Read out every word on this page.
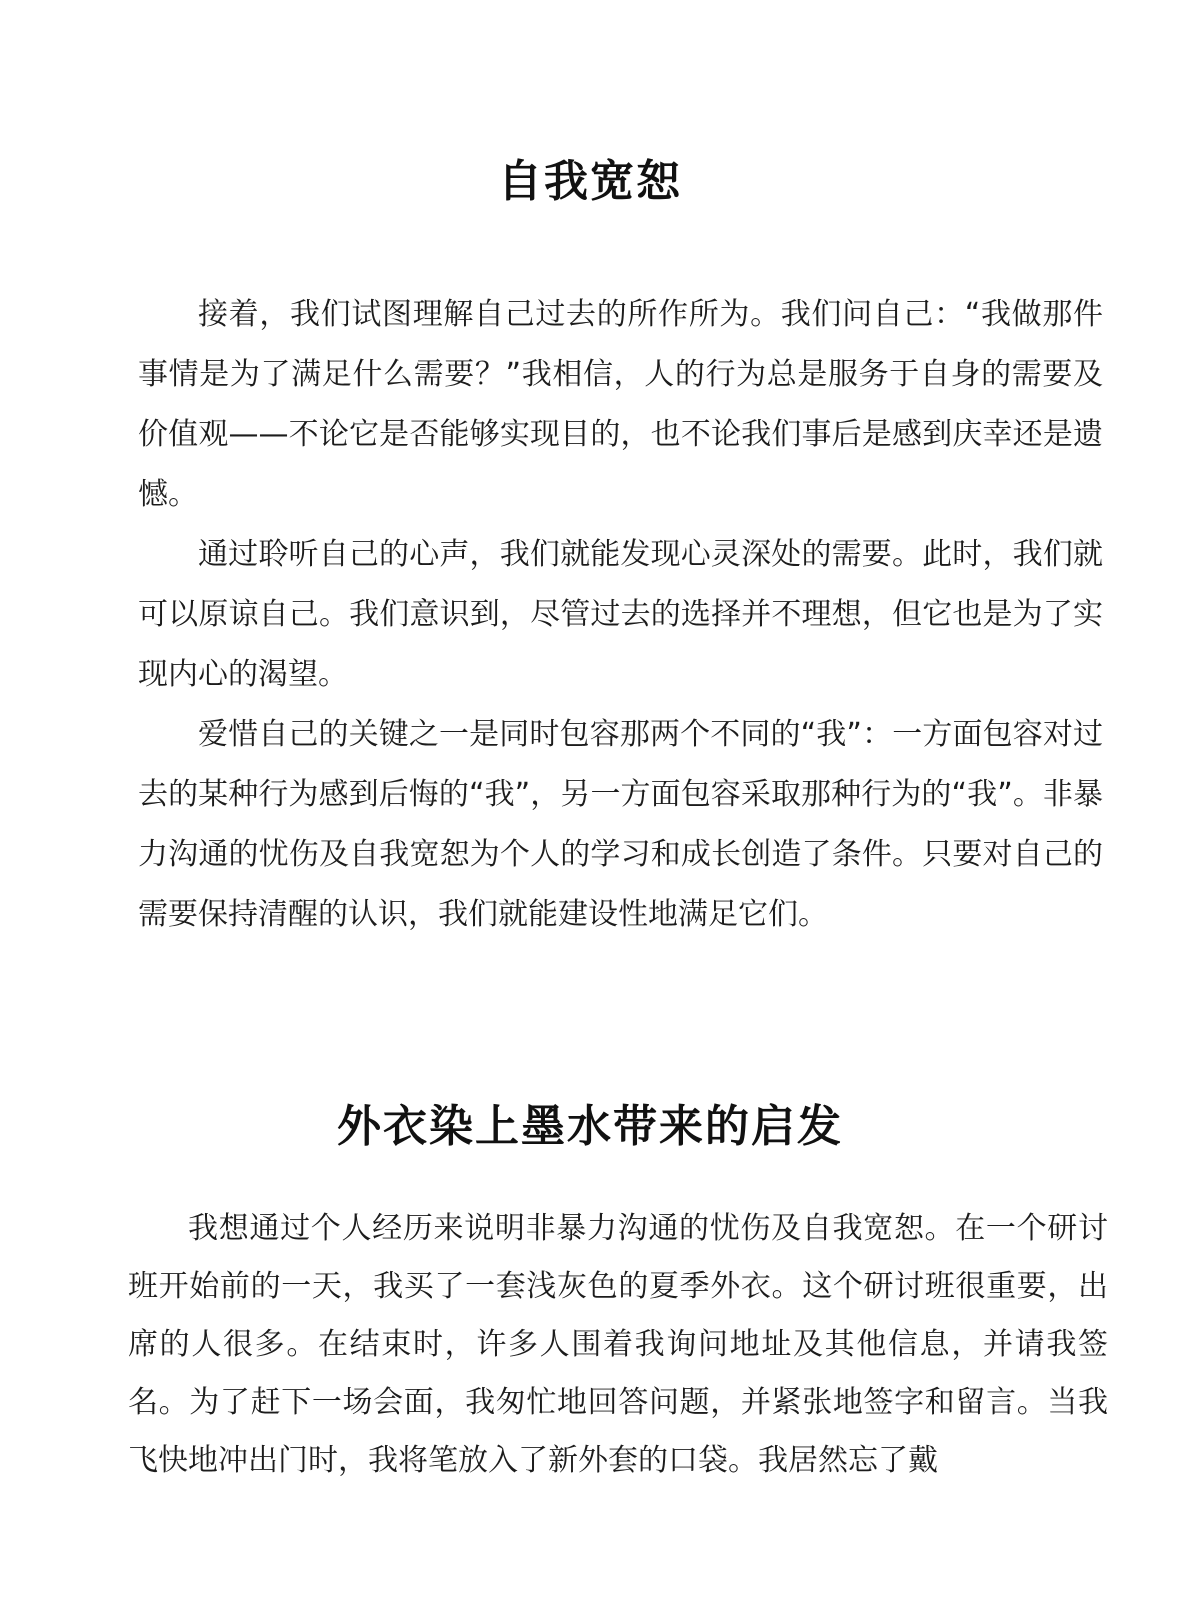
自我宽恕

接着，我们试图理解自己过去的所作所为。我们问自己：“我做那件事情是为了满足什么需要？”我相信，人的行为总是服务于自身的需要及价值观——不论它是否能够实现目的，也不论我们事后是感到庆幸还是遗憾。

通过聆听自己的心声，我们就能发现心灵深处的需要。此时，我们就可以原谅自己。我们意识到，尽管过去的选择并不理想，但它也是为了实现内心的渴望。

爱惜自己的关键之一是同时包容那两个不同的“我”：一方面包容对过去的某种行为感到后悔的“我”，另一方面包容采取那种行为的“我”。非暴力沟通的忧伤及自我宽恕为个人的学习和成长创造了条件。只要对自己的需要保持清醒的认识，我们就能建设性地满足它们。

外衣染上墨水带来的启发

我想通过个人经历来说明非暴力沟通的忧伤及自我宽恕。在一个研讨班开始前的一天，我买了一套浅灰色的夏季外衣。这个研讨班很重要，出席的人很多。在结束时，许多人围着我询问地址及其他信息，并请我签名。为了赶下一场会面，我匆忙地回答问题，并紧张地签字和留言。当我飞快地冲出门时，我将笔放入了新外套的口袋。我居然忘了戴
